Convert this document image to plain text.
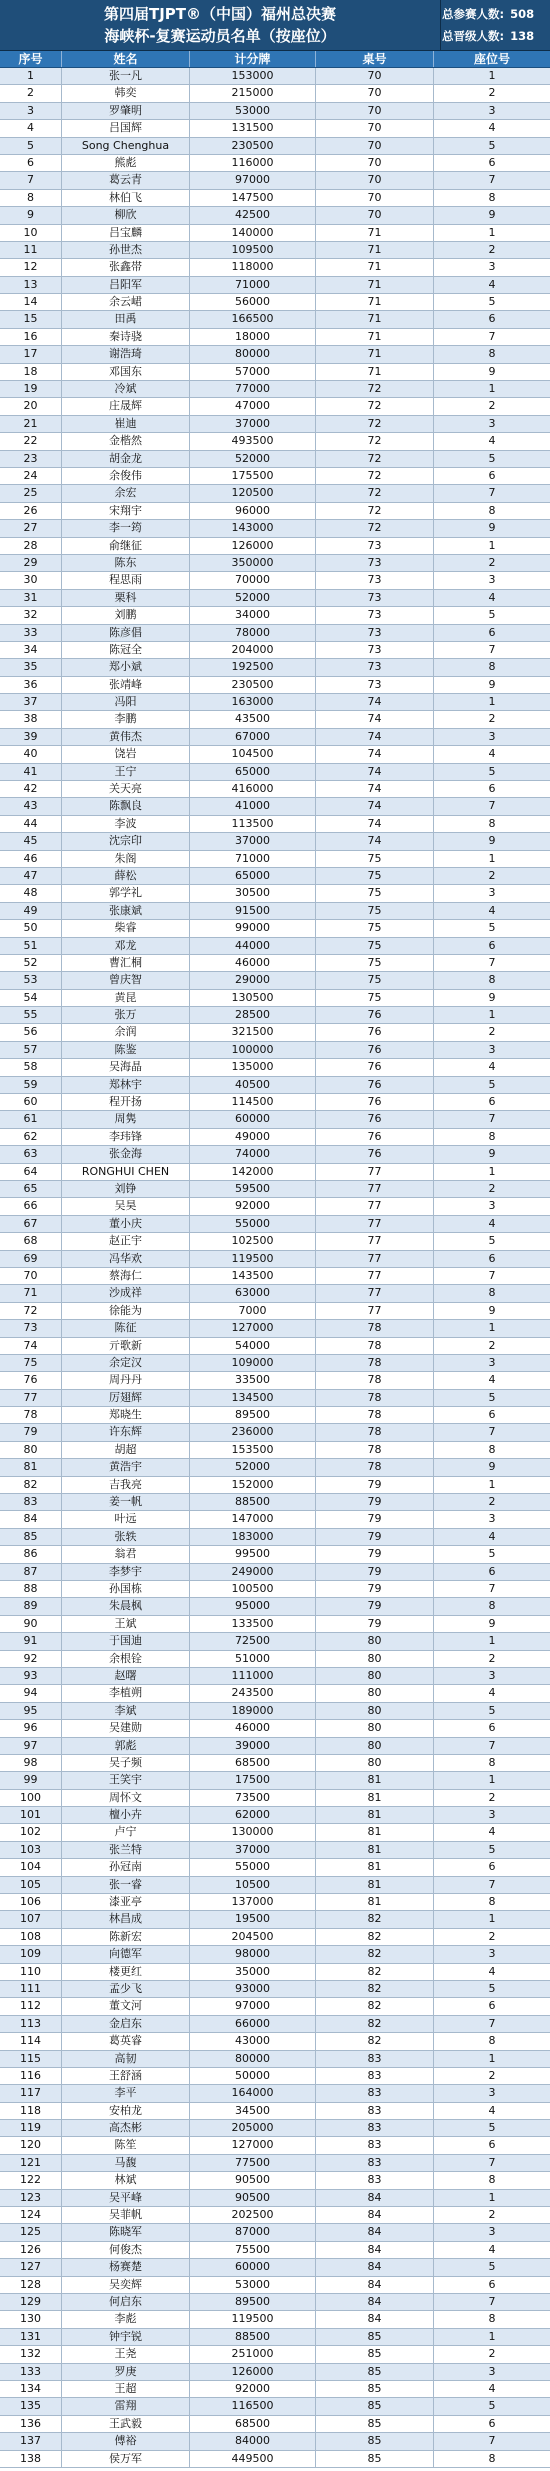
第四届TJPT®（中国）福州总决赛
海峡杯-复赛运动员名单（按座位）
总参赛人数: 508
总晋级人数: 138
序号	姓名	计分牌	桌号	座位号
1	张一凡	153000	70	1
2	韩奕	215000	70	2
3	罗肇明	53000	70	3
4	吕国辉	131500	70	4
5	Song Chenghua	230500	70	5
6	熊彪	116000	70	6
7	葛云青	97000	70	7
8	林伯飞	147500	70	8
9	柳欣	42500	70	9
10	吕宝麟	140000	71	1
11	孙世杰	109500	71	2
12	张鑫帯	118000	71	3
13	吕阳军	71000	71	4
14	余云峮	56000	71	5
15	田禹	166500	71	6
16	秦诗骁	18000	71	7
17	谢浩琦	80000	71	8
18	邓国东	57000	71	9
19	冷斌	77000	72	1
20	庄晟辉	47000	72	2
21	崔迪	37000	72	3
22	金楷然	493500	72	4
23	胡金龙	52000	72	5
24	余俊伟	175500	72	6
25	余宏	120500	72	7
26	宋翔宇	96000	72	8
27	李一筠	143000	72	9
28	俞继征	126000	73	1
29	陈东	350000	73	2
30	程思雨	70000	73	3
31	栗科	52000	73	4
32	刘鹏	34000	73	5
33	陈彦倡	78000	73	6
34	陈冠全	204000	73	7
35	郑小斌	192500	73	8
36	张靖峰	230500	73	9
37	冯阳	163000	74	1
38	李鹏	43500	74	2
39	黄伟杰	67000	74	3
40	饶岩	104500	74	4
41	王宁	65000	74	5
42	关天亮	416000	74	6
43	陈飘良	41000	74	7
44	李波	113500	74	8
45	沈宗印	37000	74	9
46	朱阁	71000	75	1
47	薛松	65000	75	2
48	郭学礼	30500	75	3
49	张康斌	91500	75	4
50	柴睿	99000	75	5
51	邓龙	44000	75	6
52	曹汇桐	46000	75	7
53	曾庆智	29000	75	8
54	黄昆	130500	75	9
55	张万	28500	76	1
56	余润	321500	76	2
57	陈鉴	100000	76	3
58	吴海晶	135000	76	4
59	郑林宇	40500	76	5
60	程开扬	114500	76	6
61	周隽	60000	76	7
62	李玮锋	49000	76	8
63	张金海	74000	76	9
64	RONGHUI CHEN	142000	77	1
65	刘铮	59500	77	2
66	吴昊	92000	77	3
67	董小庆	55000	77	4
68	赵正宇	102500	77	5
69	冯华欢	119500	77	6
70	蔡海仁	143500	77	7
71	沙成祥	63000	77	8
72	徐能为	7000	77	9
73	陈征	127000	78	1
74	亓歌新	54000	78	2
75	余定汉	109000	78	3
76	周丹丹	33500	78	4
77	厉翅辉	134500	78	5
78	郑晓生	89500	78	6
79	许东辉	236000	78	7
80	胡超	153500	78	8
81	黄浩宇	52000	78	9
82	吉我亮	152000	79	1
83	姜一帆	88500	79	2
84	叶远	147000	79	3
85	张轶	183000	79	4
86	翁君	99500	79	5
87	李梦宇	249000	79	6
88	孙国栋	100500	79	7
89	朱晨枫	95000	79	8
90	王斌	133500	79	9
91	于国迪	72500	80	1
92	余根铨	51000	80	2
93	赵曙	111000	80	3
94	李植朔	243500	80	4
95	李斌	189000	80	5
96	吴建勋	46000	80	6
97	郭彪	39000	80	7
98	吴子频	68500	80	8
99	王笑宇	17500	81	1
100	周怀文	73500	81	2
101	檀小卉	62000	81	3
102	卢宁	130000	81	4
103	张兰特	37000	81	5
104	孙冠南	55000	81	6
105	张一睿	10500	81	7
106	漆亚亭	137000	81	8
107	林昌成	19500	82	1
108	陈新宏	204500	82	2
109	向德军	98000	82	3
110	楼更红	35000	82	4
111	孟少飞	93000	82	5
112	董文河	97000	82	6
113	金启东	66000	82	7
114	葛英睿	43000	82	8
115	高韧	80000	83	1
116	王舒涵	50000	83	2
117	李平	164000	83	3
118	安柏龙	34500	83	4
119	高杰彬	205000	83	5
120	陈笙	127000	83	6
121	马馥	77500	83	7
122	林斌	90500	83	8
123	吴平峰	90500	84	1
124	吴菲帆	202500	84	2
125	陈晓军	87000	84	3
126	何俊杰	75500	84	4
127	杨赛楚	60000	84	5
128	吴奕辉	53000	84	6
129	何启东	89500	84	7
130	李彪	119500	84	8
131	钟宇锐	88500	85	1
132	王尧	251000	85	2
133	罗庚	126000	85	3
134	王超	92000	85	4
135	雷翔	116500	85	5
136	王武毅	68500	85	6
137	傅裕	84000	85	7
138	侯万军	449500	85	8
